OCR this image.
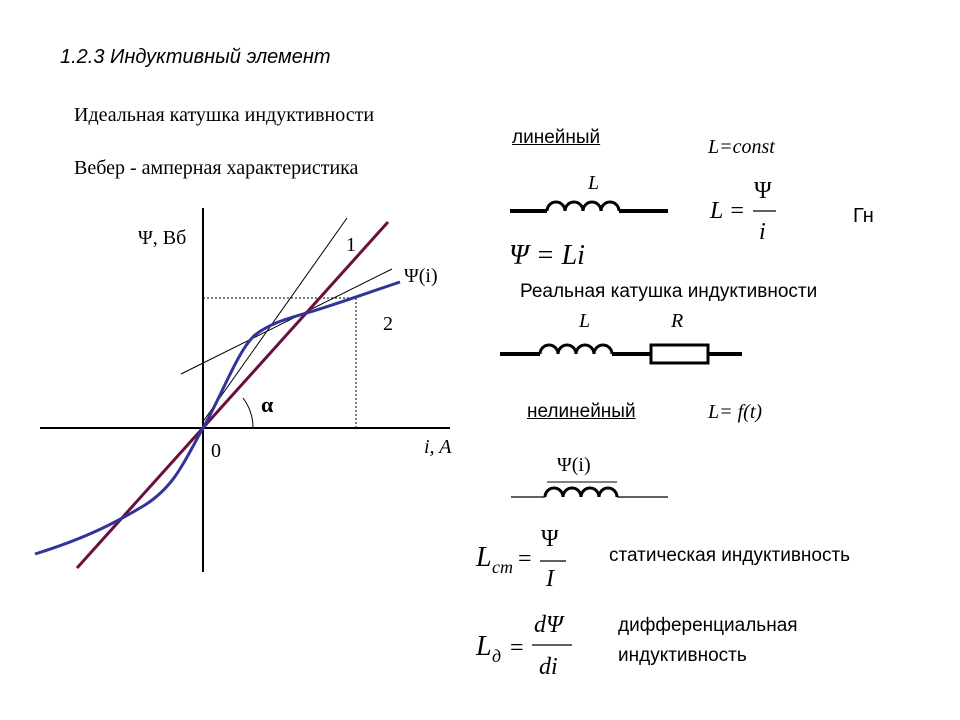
1.2.3 Индуктивный элемент
Идеальная катушка индуктивности
Вебер - амперная характеристика
линейный	L=const
L
L =
Ψ
i
Гн
Ψ = Li
Реальная катушка индуктивности
L	R
нелинейный	L= f(t)
Ψ(i)
L ст =
Ψ
I
статическая индуктивность
L д =
dΨ
di
дифференциальная
индуктивность
Ψ, Вб
i, A
0
Ψ(i)
1
2
α
